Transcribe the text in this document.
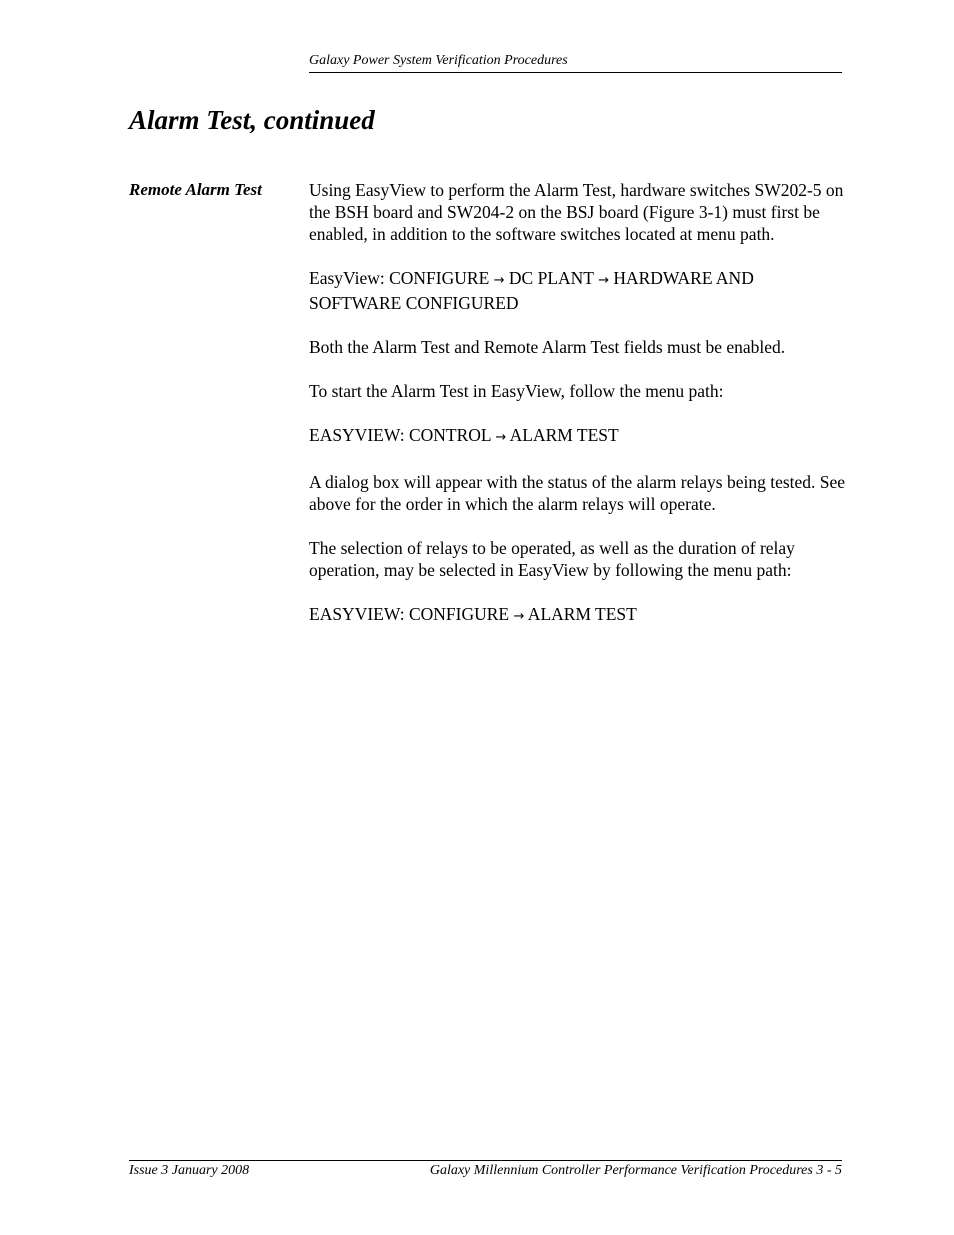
Galaxy Power System Verification Procedures
Alarm Test, continued
Remote Alarm Test	Using EasyView to perform the Alarm Test, hardware switches SW202-5 on the BSH board and SW204-2 on the BSJ board (Figure 3-1) must first be enabled, in addition to the software switches located at menu path.

EasyView: CONFIGURE → DC PLANT → HARDWARE AND SOFTWARE CONFIGURED

Both the Alarm Test and Remote Alarm Test fields must be enabled.

To start the Alarm Test in EasyView, follow the menu path:

EASYVIEW: CONTROL → ALARM TEST

A dialog box will appear with the status of the alarm relays being tested. See above for the order in which the alarm relays will operate.

The selection of relays to be operated, as well as the duration of relay operation, may be selected in EasyView by following the menu path:

EASYVIEW: CONFIGURE → ALARM TEST

Issue 3 January 2008	Galaxy Millennium Controller Performance Verification Procedures 3 - 5
